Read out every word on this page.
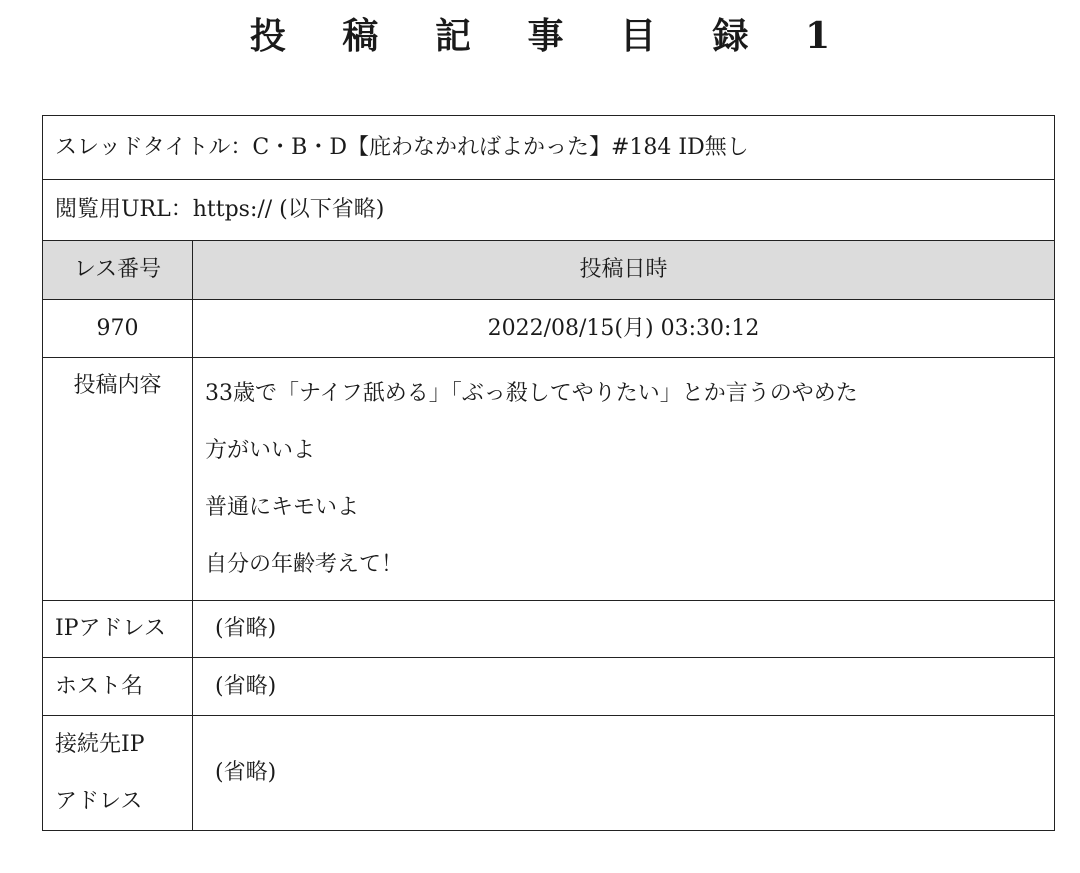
投 稿 記 事 目 録 1
スレッドタイトル：C・B・D【庇わなかればよかった】#184 ID無し	
閲覧用URL：https:// (以下省略)	
レス番号	投稿日時
970	2022/08/15(月) 03:30:12
投稿内容	33歳で「ナイフ舐める」「ぶっ殺してやりたい」とか言うのやめた
方がいいよ
普通にキモいよ
自分の年齢考えて！

IPアドレス	(省略)
ホスト名	(省略)

接続先IP
アドレス	(省略)
